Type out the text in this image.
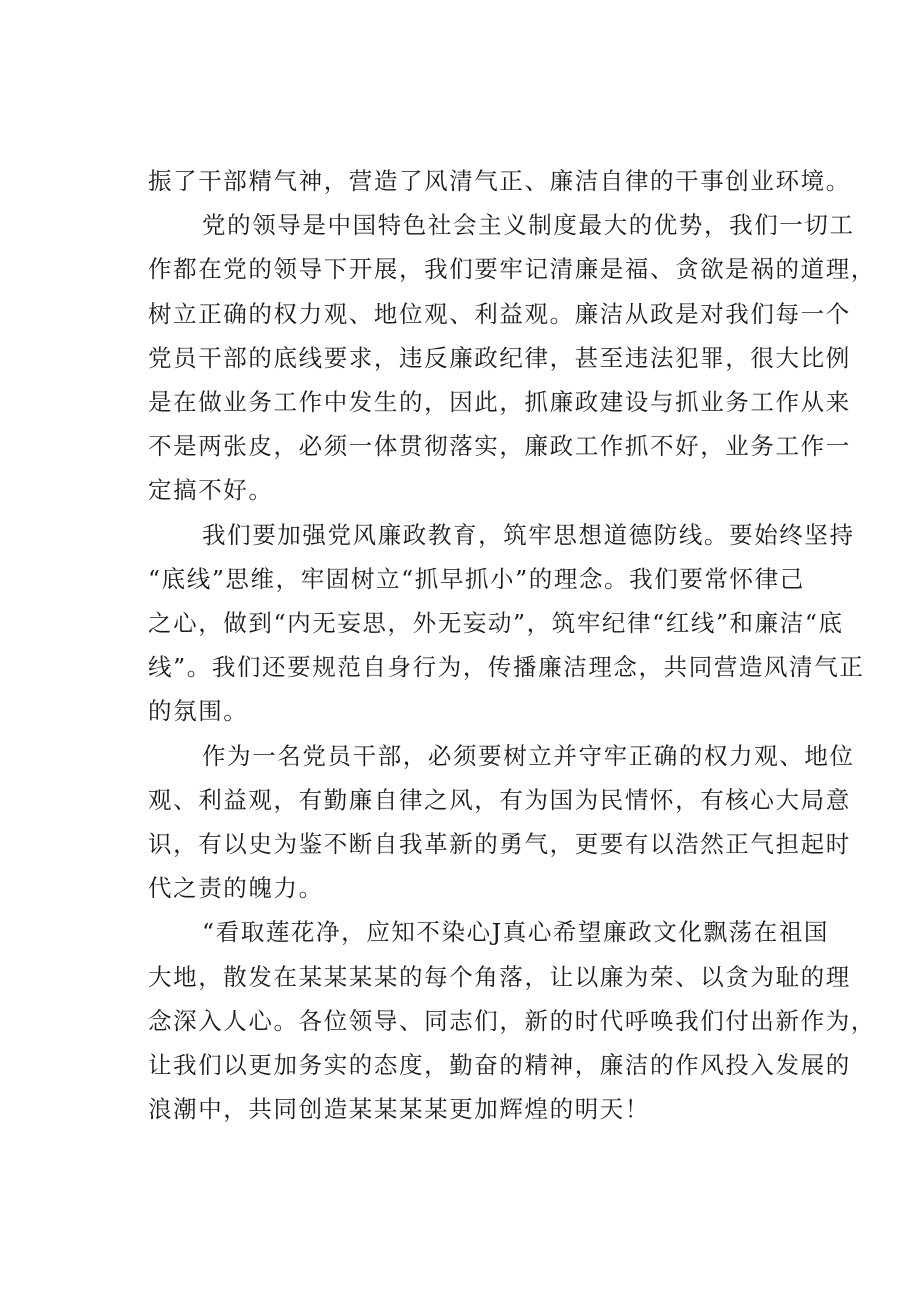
振了干部精气神，营造了风清气正、廉洁自律的干事创业环境。
党的领导是中国特色社会主义制度最大的优势，我们一切工
作都在党的领导下开展，我们要牢记清廉是福、贪欲是祸的道理，
树立正确的权力观、地位观、利益观。廉洁从政是对我们每一个
党员干部的底线要求，违反廉政纪律，甚至违法犯罪，很大比例
是在做业务工作中发生的，因此，抓廉政建设与抓业务工作从来
不是两张皮，必须一体贯彻落实，廉政工作抓不好，业务工作一
定搞不好。
我们要加强党风廉政教育，筑牢思想道德防线。要始终坚持
“底线”思维，牢固树立“抓早抓小”的理念。我们要常怀律己
之心，做到“内无妄思，外无妄动”，筑牢纪律“红线”和廉洁“底
线”。我们还要规范自身行为，传播廉洁理念，共同营造风清气正
的氛围。
作为一名党员干部，必须要树立并守牢正确的权力观、地位
观、利益观，有勤廉自律之风，有为国为民情怀，有核心大局意
识，有以史为鉴不断自我革新的勇气，更要有以浩然正气担起时
代之责的魄力。
“看取莲花净，应知不染心J真心希望廉政文化飘荡在祖国
大地，散发在某某某某的每个角落，让以廉为荣、以贪为耻的理
念深入人心。各位领导、同志们，新的时代呼唤我们付出新作为，
让我们以更加务实的态度，勤奋的精神，廉洁的作风投入发展的
浪潮中，共同创造某某某某更加辉煌的明天！
